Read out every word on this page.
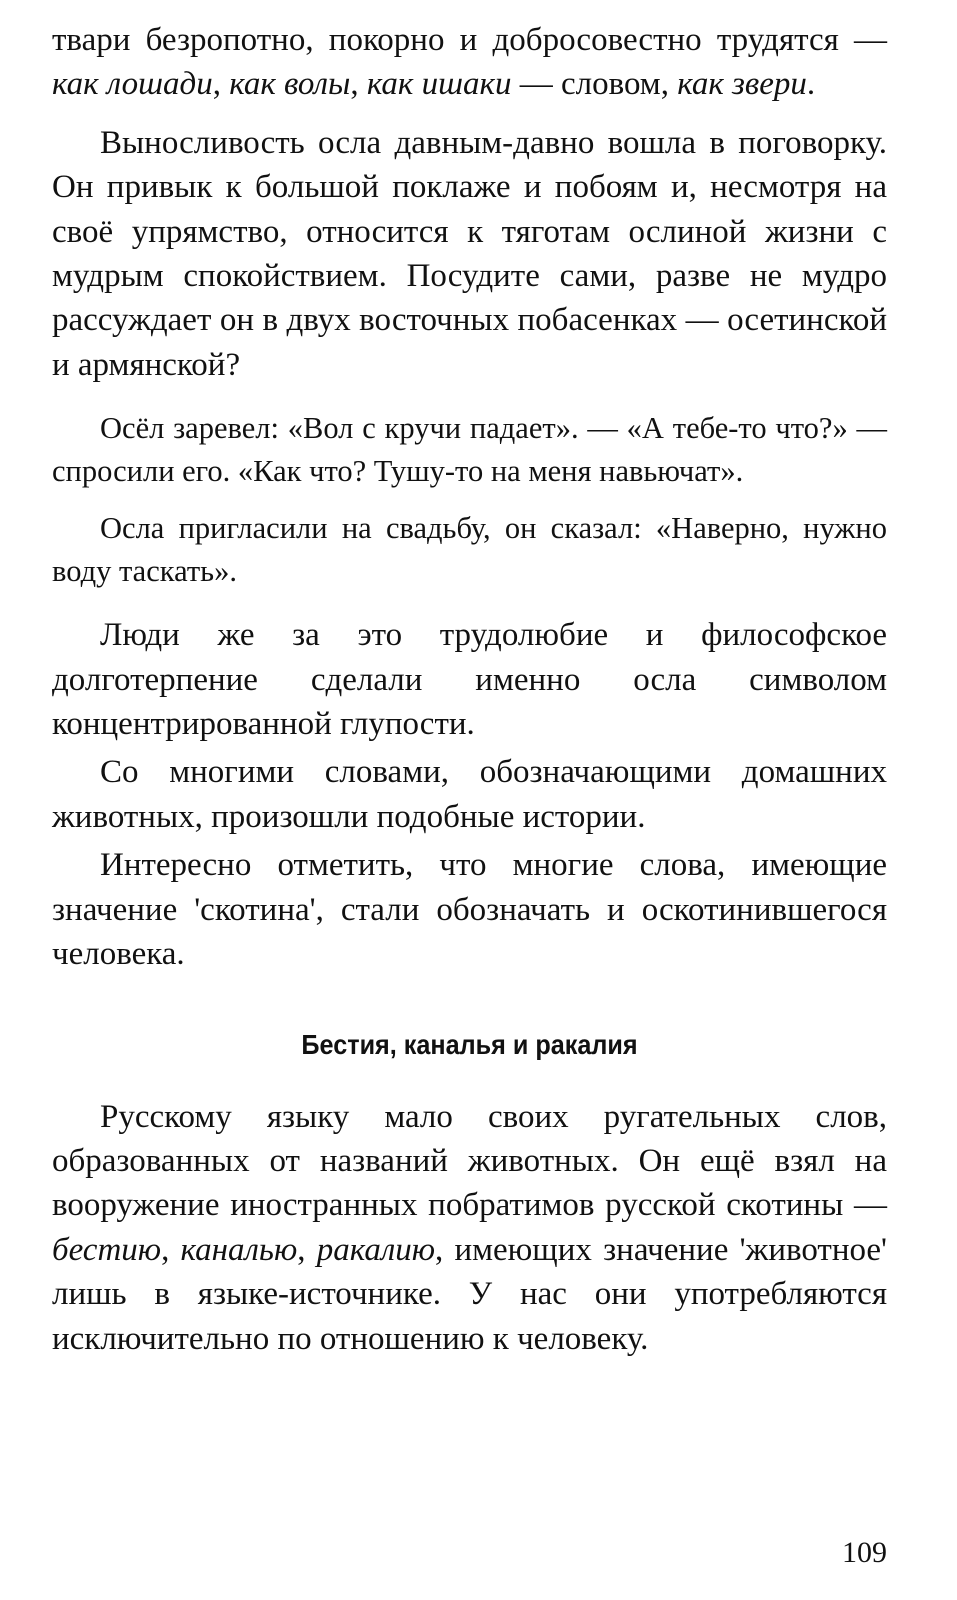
твари безропотно, покорно и добросовестно трудятся — как лошади, как волы, как ишаки — словом, как звери.

Выносливость осла давным-давно вошла в поговорку. Он привык к большой поклаже и побоям и, несмотря на своё упрямство, относится к тяготам ослиной жизни с мудрым спокойствием. Посудите сами, разве не мудро рассуждает он в двух восточных побасенках — осетинской и армянской?

Осёл заревел: «Вол с кручи падает». — «А тебе-то что?» — спросили его. «Как что? Тушу-то на меня навьючат».

Осла пригласили на свадьбу, он сказал: «Наверно, нужно воду таскать».

Люди же за это трудолюбие и философское долготерпение сделали именно осла символом концентрированной глупости.

Со многими словами, обозначающими домашних животных, произошли подобные истории.

Интересно отметить, что многие слова, имеющие значение 'скотина', стали обозначать и оскотинившегося человека.

Бестия, каналья и ракалия

Русскому языку мало своих ругательных слов, образованных от названий животных. Он ещё взял на вооружение иностранных побратимов русской скотины — бестию, каналью, ракалию, имеющих значение 'животное' лишь в языке-источнике. У нас они употребляются исключительно по отношению к человеку.

109
